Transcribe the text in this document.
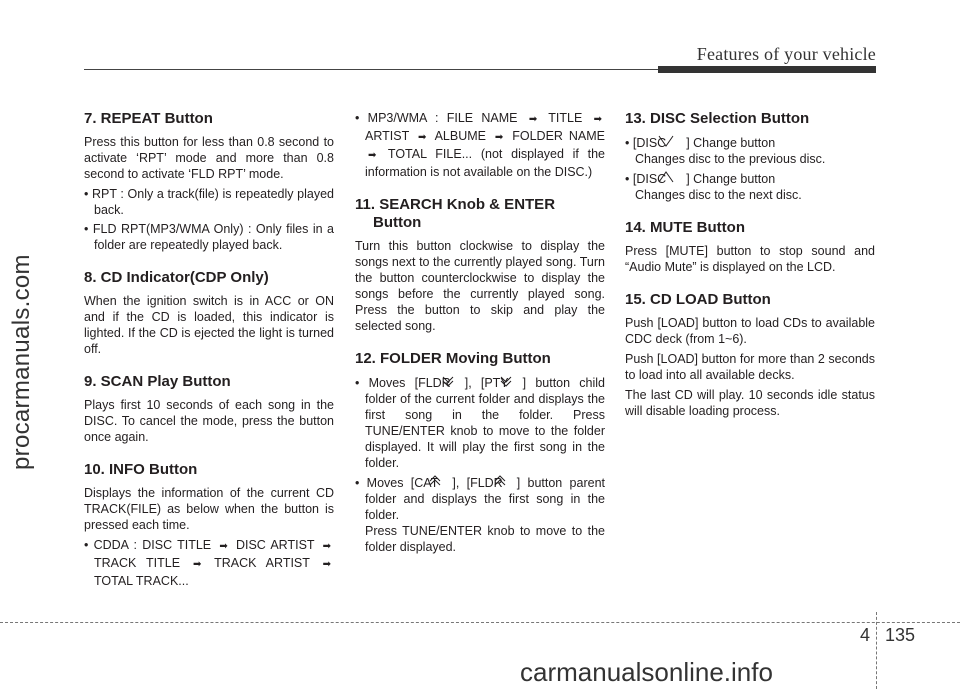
Features of your vehicle
procarmanuals.com
7. REPEAT Button

Press this button for less than 0.8 second to activate ‘RPT’ mode and more than 0.8 second to activate ‘FLD RPT’ mode.

• RPT : Only a track(file) is repeatedly played back.
• FLD RPT(MP3/WMA Only) : Only files in a folder are repeatedly played back.
8. CD Indicator(CDP Only)

When the ignition switch is in ACC or ON and if the CD is loaded, this indicator is lighted. If the CD is ejected the light is turned off.

9. SCAN Play Button

Plays first 10 seconds of each song in the DISC. To cancel the mode, press the button once again.

10. INFO Button

Displays the information of the current CD TRACK(FILE) as below when the button is pressed each time.

• CDDA : DISC TITLE ➡ DISC ARTIST ➡ TRACK TITLE ➡ TRACK ARTIST ➡ TOTAL TRACK...
• MP3/WMA : FILE NAME ➡ TITLE ➡ ARTIST ➡ ALBUME ➡ FOLDER NAME ➡ TOTAL FILE... (not displayed if the information is not available on the DISC.)
11. SEARCH Knob & ENTER
Button

Turn this button clockwise to display the songs next to the currently played song. Turn the button counterclockwise to display the songs before the currently played song. Press the button to skip and play the selected song.

12. FOLDER Moving Button
• Moves [FLDR ], [PTY ] button child folder of the current folder and displays the first song in the folder. Press TUNE/ENTER knob to move to the folder displayed. It will play the first song in the folder.
• Moves [CAT ], [FLDR ] button parent folder and displays the first song in the folder.
Press TUNE/ENTER knob to move to the folder displayed.
13. DISC Selection Button
• [DISC ] Change button
Changes disc to the previous disc.
• [DISC ] Change button
Changes disc to the next disc.
14. MUTE Button

Press [MUTE] button to stop sound and “Audio Mute” is displayed on the LCD.

15. CD LOAD Button

Push [LOAD] button to load CDs to available CDC deck (from 1~6).

Push [LOAD] button for more than 2 seconds to load into all available decks.

The last CD will play. 10 seconds idle status will disable loading process.

4 135
carmanualsonline.info
